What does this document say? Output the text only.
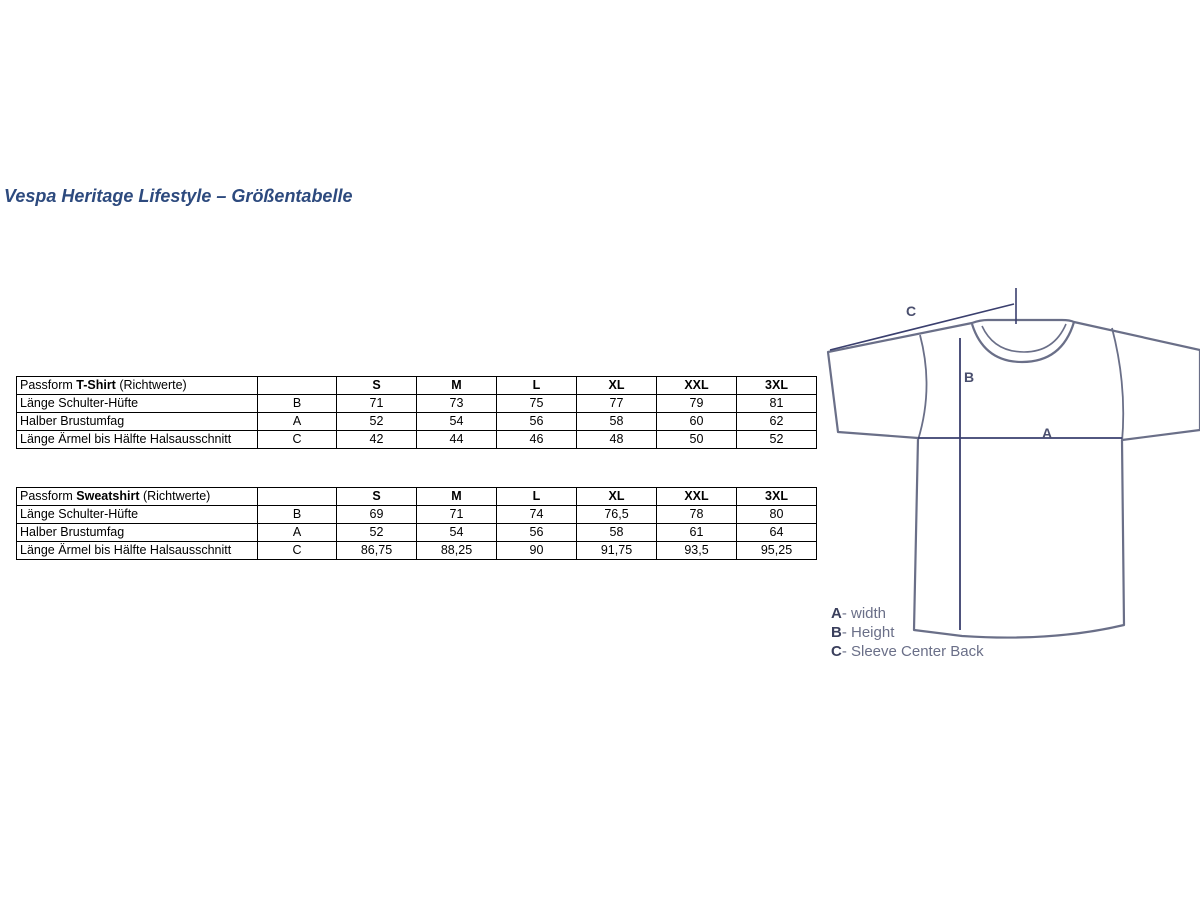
Vespa Heritage Lifestyle – Größentabelle
Passform T-Shirt (Richtwerte)		S	M	L	XL	XXL	3XL
Länge Schulter-Hüfte	B	71	73	75	77	79	81
Halber Brustumfag	A	52	54	56	58	60	62
Länge Ärmel bis Hälfte Halsausschnitt	C	42	44	46	48	50	52
Passform Sweatshirt (Richtwerte)		S	M	L	XL	XXL	3XL
Länge Schulter-Hüfte	B	69	71	74	76,5	78	80
Halber Brustumfag	A	52	54	56	58	61	64
Länge Ärmel bis Hälfte Halsausschnitt	C	86,75	88,25	90	91,75	93,5	95,25
C
B
A
A- width
B- Height
C- Sleeve Center Back
